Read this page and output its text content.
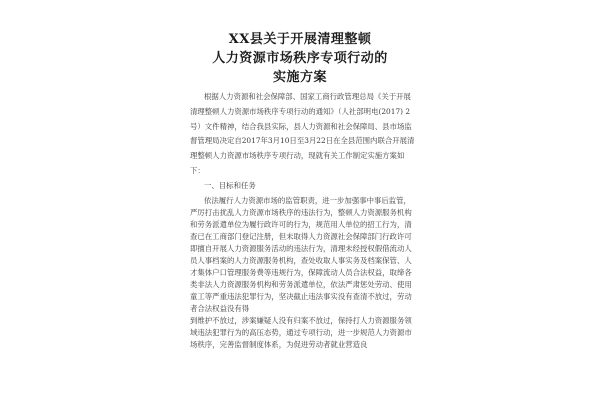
XX县关于开展清理整顿
人力资源市场秩序专项行动的
实施方案

根据人力资源和社会保障部、国家工商行政管理总局《关于开展清理整顿人力资源市场秩序专项行动的通知》（人社部明电(2017) 2号）文件精神，结合我县实际，县人力资源和社会保障局、县市场监督管理局决定自2017年3月10日至3月22日在全县范围内联合开展清理整顿人力资源市场秩序专项行动，现就有关工作制定实施方案如下：

一、目标和任务

依法履行人力资源市场的监管职责，进一步加强事中事后监管，严厉打击扰乱人力资源市场秩序的违法行为，整顿人力资源服务机构和劳务派遣单位为履行政许可的行为，规范用人单位的招工行为，清查已在工商部门登记注册，但未取得人力资源社会保障部门行政许可即擅自开展人力资源服务活动的违法行为，清理未经授权假借流动人员人事档案的人力资源服务机构，查处收取人事实务及档案保管、人才集体户口管理服务费等违规行为，保障流动人员合法权益，取缔各类非法人力资源服务机构和劳务派遣单位，依法严肃惩处劳动、使用童工等严重违法犯罪行为，坚决截止违法事实没有查清不放过，劳动者合法权益没有得

到维护不放过，涉案嫌疑人没有归案不放过，保持打人力资源服务领域违法犯罪行为的高压态势，通过专项行动，进一步规范人力资源市场秩序，完善监督制度体系，为促进劳动者就业营造良
